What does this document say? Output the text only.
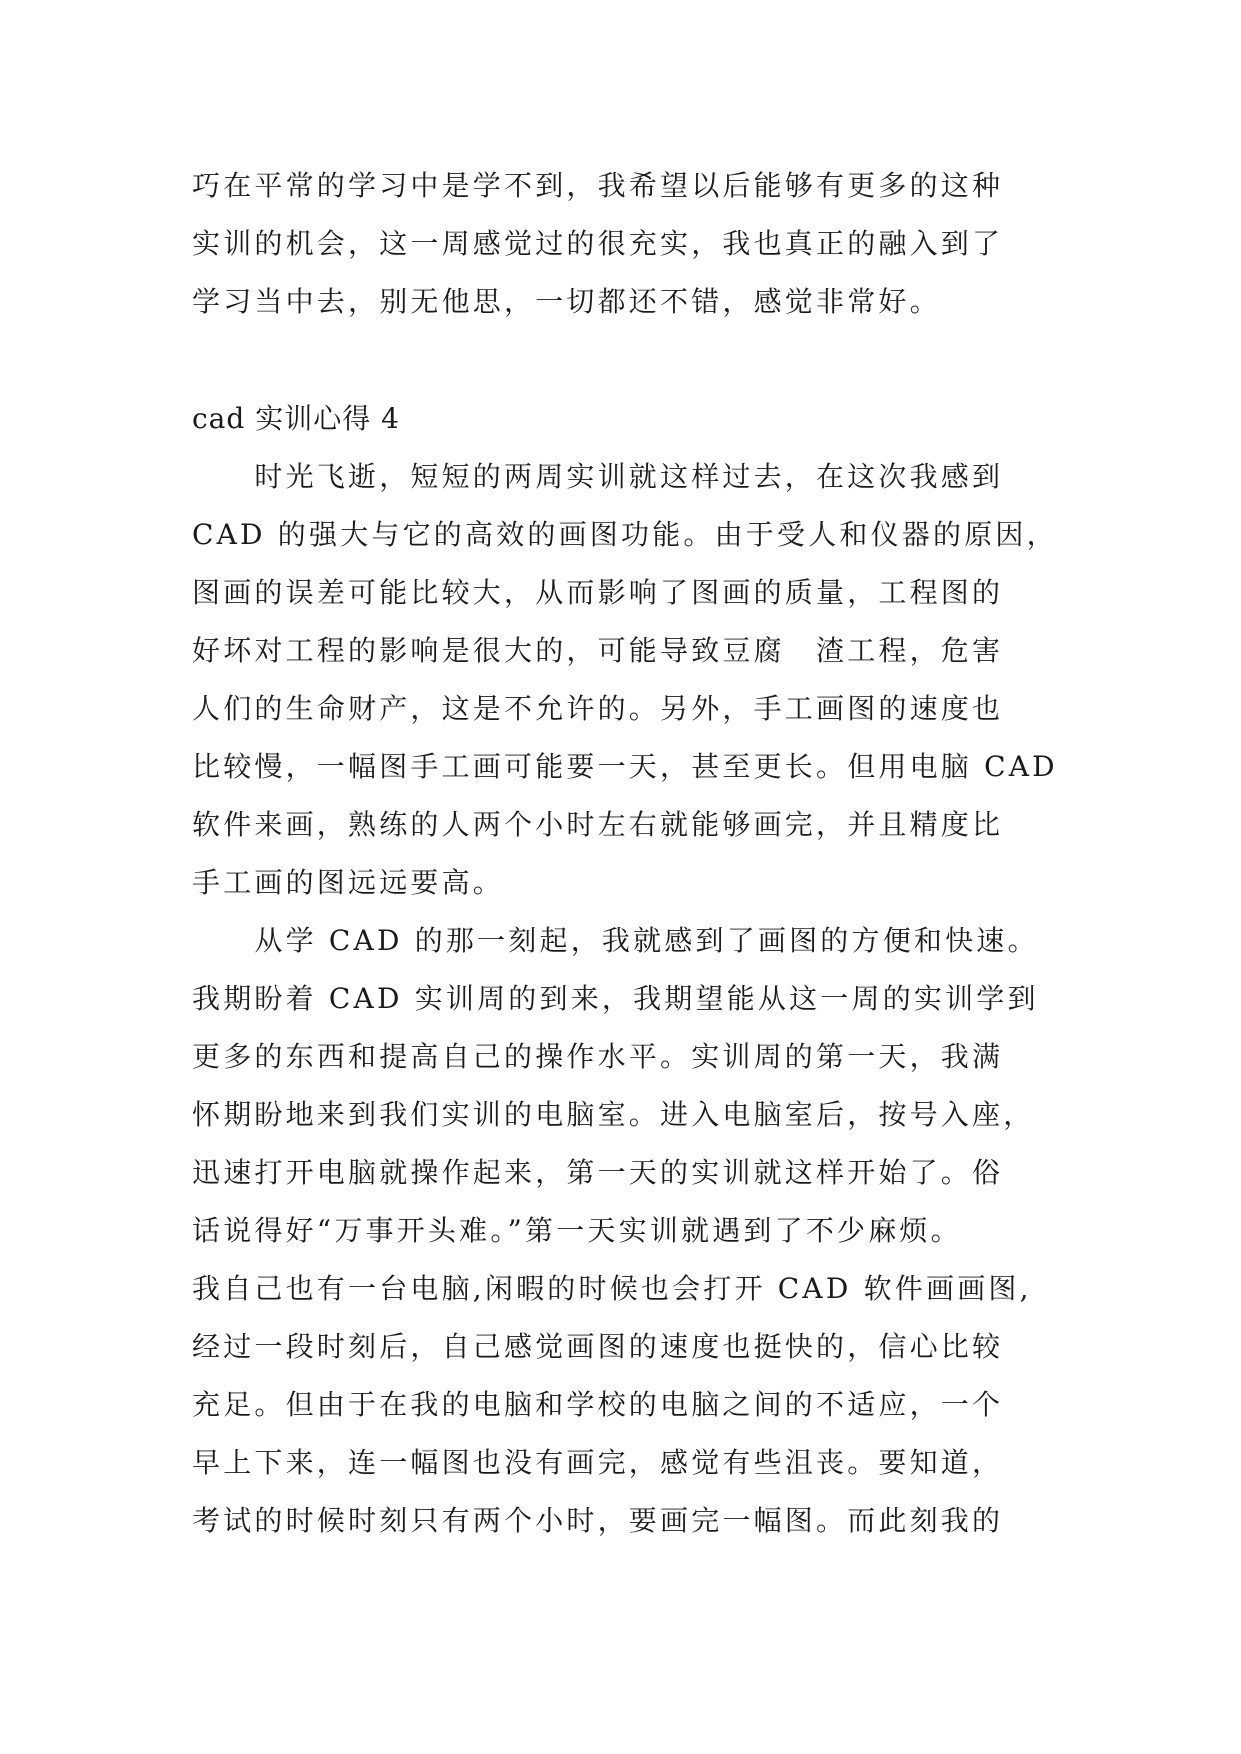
巧在平常的学习中是学不到，我希望以后能够有更多的这种
实训的机会，这一周感觉过的很充实，我也真正的融入到了
学习当中去，别无他思，一切都还不错，感觉非常好。
cad 实训心得 4
　　时光飞逝，短短的两周实训就这样过去，在这次我感到
CAD 的强大与它的高效的画图功能。由于受人和仪器的原因，
图画的误差可能比较大，从而影响了图画的质量，工程图的
好坏对工程的影响是很大的，可能导致豆腐　渣工程，危害
人们的生命财产，这是不允许的。另外，手工画图的速度也
比较慢，一幅图手工画可能要一天，甚至更长。但用电脑 CAD
软件来画，熟练的人两个小时左右就能够画完，并且精度比
手工画的图远远要高。
　　从学 CAD 的那一刻起，我就感到了画图的方便和快速。
我期盼着 CAD 实训周的到来，我期望能从这一周的实训学到
更多的东西和提高自己的操作水平。实训周的第一天，我满
怀期盼地来到我们实训的电脑室。进入电脑室后，按号入座，
迅速打开电脑就操作起来，第一天的实训就这样开始了。俗
话说得好“万事开头难。”第一天实训就遇到了不少麻烦。
我自己也有一台电脑,闲暇的时候也会打开 CAD 软件画画图,
经过一段时刻后，自己感觉画图的速度也挺快的，信心比较
充足。但由于在我的电脑和学校的电脑之间的不适应，一个
早上下来，连一幅图也没有画完，感觉有些沮丧。要知道，
考试的时候时刻只有两个小时，要画完一幅图。而此刻我的
